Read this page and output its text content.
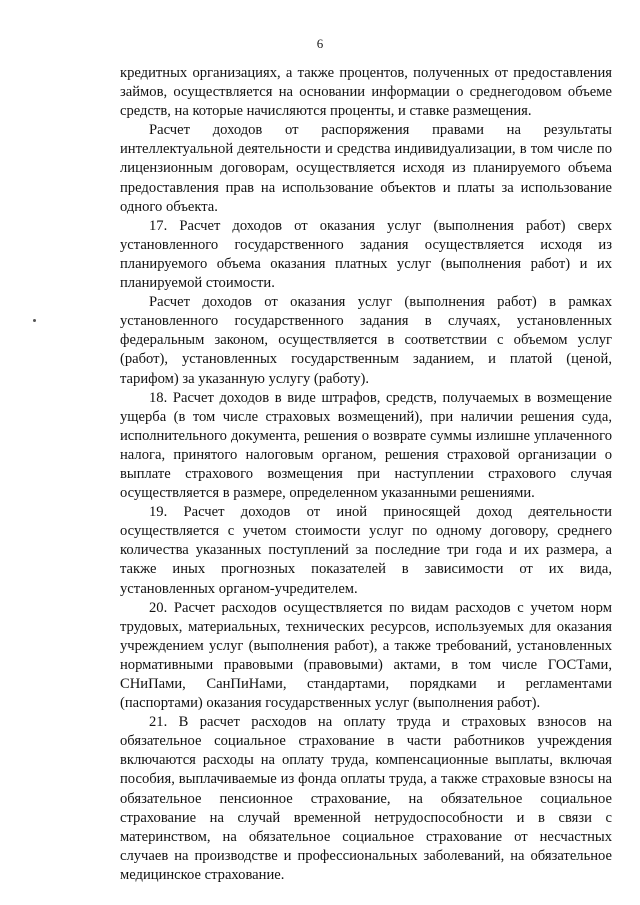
6

кредитных организациях, а также процентов, полученных от предоставления займов, осуществляется на основании информации о среднегодовом объеме средств, на которые начисляются проценты, и ставке размещения.

Расчет доходов от распоряжения правами на результаты интеллектуальной деятельности и средства индивидуализации, в том числе по лицензионным договорам, осуществляется исходя из планируемого объема предоставления прав на использование объектов и платы за использование одного объекта.

17. Расчет доходов от оказания услуг (выполнения работ) сверх установленного государственного задания осуществляется исходя из планируемого объема оказания платных услуг (выполнения работ) и их планируемой стоимости.

Расчет доходов от оказания услуг (выполнения работ) в рамках установленного государственного задания в случаях, установленных федеральным законом, осуществляется в соответствии с объемом услуг (работ), установленных государственным заданием, и платой (ценой, тарифом) за указанную услугу (работу).

18. Расчет доходов в виде штрафов, средств, получаемых в возмещение ущерба (в том числе страховых возмещений), при наличии решения суда, исполнительного документа, решения о возврате суммы излишне уплаченного налога, принятого налоговым органом, решения страховой организации о выплате страхового возмещения при наступлении страхового случая осуществляется в размере, определенном указанными решениями.

19. Расчет доходов от иной приносящей доход деятельности осуществляется с учетом стоимости услуг по одному договору, среднего количества указанных поступлений за последние три года и их размера, а также иных прогнозных показателей в зависимости от их вида, установленных органом-учредителем.

20. Расчет расходов осуществляется по видам расходов с учетом норм трудовых, материальных, технических ресурсов, используемых для оказания учреждением услуг (выполнения работ), а также требований, установленных нормативными правовыми (правовыми) актами, в том числе ГОСТами, СНиПами, СанПиНами, стандартами, порядками и регламентами (паспортами) оказания государственных услуг (выполнения работ).

21. В расчет расходов на оплату труда и страховых взносов на обязательное социальное страхование в части работников учреждения включаются расходы на оплату труда, компенсационные выплаты, включая пособия, выплачиваемые из фонда оплаты труда, а также страховые взносы на обязательное пенсионное страхование, на обязательное социальное страхование на случай временной нетрудоспособности и в связи с материнством, на обязательное социальное страхование от несчастных случаев на производстве и профессиональных заболеваний, на обязательное медицинское страхование.
